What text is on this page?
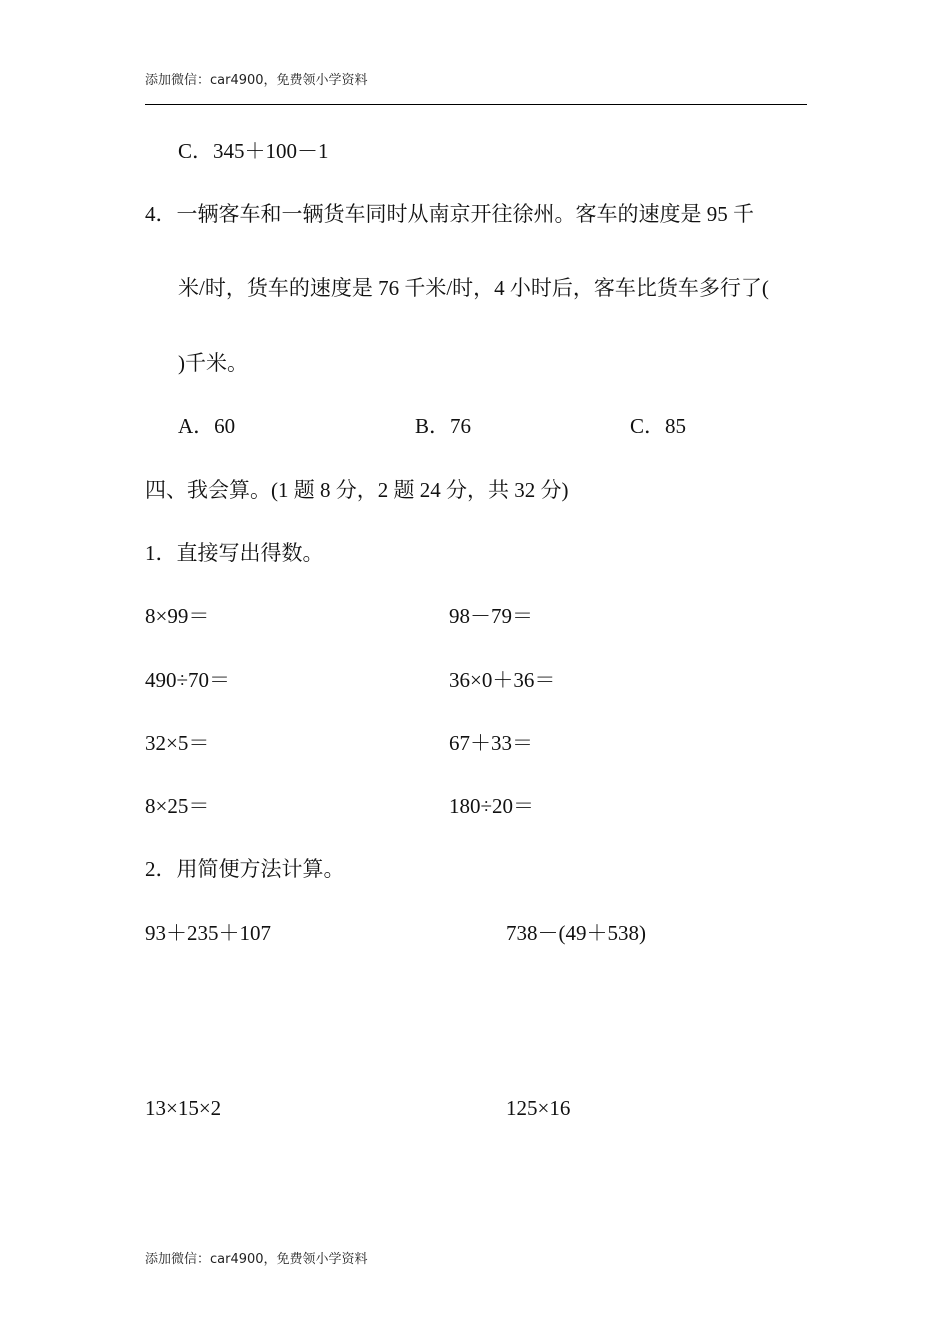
添加微信：car4900，免费领小学资料
C．345＋100－1
4．一辆客车和一辆货车同时从南京开往徐州。客车的速度是 95 千
米/时，货车的速度是 76 千米/时，4 小时后，客车比货车多行了(
)千米。
A．60	B．76	C．85
四、我会算。(1 题 8 分，2 题 24 分，共 32 分)
1．直接写出得数。
8×99＝	98－79＝
490÷70＝	36×0＋36＝
32×5＝	67＋33＝
8×25＝	180÷20＝
2．用简便方法计算。
93＋235＋107	738－(49＋538)
13×15×2	125×16
添加微信：car4900，免费领小学资料
